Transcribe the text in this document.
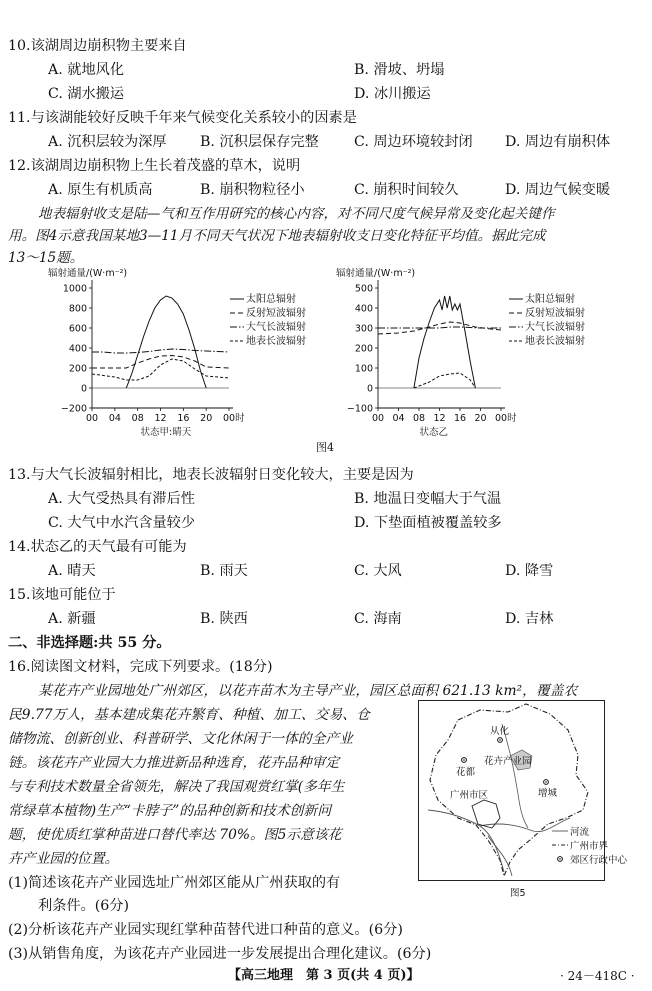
10.该湖周边崩积物主要来自
A. 就地风化	B. 滑坡、坍塌
C. 湖水搬运	D. 冰川搬运
11.与该湖能较好反映千年来气候变化关系较小的因素是
A. 沉积层较为深厚 B. 沉积层保存完整 C. 周边环境较封闭 D. 周边有崩积体
12.该湖周边崩积物上生长着茂盛的草木，说明
A. 原生有机质高	B. 崩积物粒径小	C. 崩积时间较久	D. 周边气候变暖
地表辐射收支是陆—气和互作用研究的核心内容，对不同尺度气候异常及变化起关键作
用。图4示意我国某地3—11月不同天气状况下地表辐射收支日变化特征平均值。据此完成
13～15题。
辐射通量/(W·m⁻²)
1000
800
600
400
200
0
−200
00 04 08 12 16 20 00时
状态甲:晴天
太阳总辐射
反射短波辐射
大气长波辐射
地表长波辐射
辐射通量/(W·m⁻²)
500
400
300
200
100
0
−100
00 04 08 12 16 20 00时
状态乙
太阳总辐射
反射短波辐射
大气长波辐射
地表长波辐射
图4
13.与大气长波辐射相比，地表长波辐射日变化较大，主要是因为
A. 大气受热具有滞后性	B. 地温日变幅大于气温
C. 大气中水汽含量较少	D. 下垫面植被覆盖较多
14.状态乙的天气最有可能为
A. 晴天	B. 雨天	C. 大风	D. 降雪
15.该地可能位于
A. 新疆	B. 陕西	C. 海南	D. 吉林
二、非选择题:共 55 分。
16.阅读图文材料，完成下列要求。(18分)
某花卉产业园地处广州郊区，以花卉苗木为主导产业，园区总面积 621.13 km²，覆盖农
民9.77万人，基本建成集花卉繁育、种植、加工、交易、仓
储物流、创新创业、科普研学、文化休闲于一体的全产业
链。该花卉产业园大力推进新品种选育，花卉品种审定
与专利技术数量全省领先，解决了我国观赏红掌(多年生
常绿草本植物)生产“卡脖子”的品种创新和技术创新问
题，使优质红掌种苗进口替代率达 70%。图5示意该花
卉产业园的位置。
(1)简述该花卉产业园选址广州郊区能从广州获取的有
利条件。(6分)
(2)分析该花卉产业园实现红掌种苗替代进口种苗的意义。(6分)
(3)从销售角度，为该花卉产业园进一步发展提出合理化建议。(6分)
从化
花都
花卉产业园
增城
广州市区
河流
广州市界
郊区行政中心
图5
【高三地理　第 3 页(共 4 页)】	· 24－418C ·
